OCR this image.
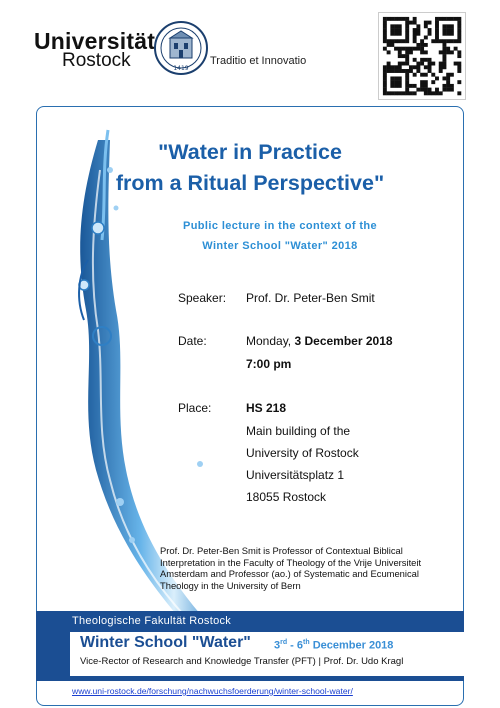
Universität
Rostock	1419
Traditio et Innovatio
"Water in Practice
from a Ritual Perspective"
Public lecture in the context of the
Winter School "Water" 2018
Speaker: Prof. Dr. Peter-Ben Smit
Date:	Monday, 3 December 2018
7:00 pm
Place:	HS 218
Main building of the
University of Rostock
Universitätsplatz 1
18055 Rostock
Prof. Dr. Peter-Ben Smit is Professor of Contextual Biblical
Interpretation in the Faculty of Theology of the Vrije Universiteit
Amsterdam and Professor (ao.) of Systematic and Ecumenical
Theology in the University of Bern
Theologische Fakultät Rostock
Winter School "Water" 3rd - 6th December 2018
Vice-Rector of Research and Knowledge Transfer (PFT) | Prof. Dr. Udo Kragl
www.uni-rostock.de/forschung/nachwuchsfoerderung/winter-school-water/
